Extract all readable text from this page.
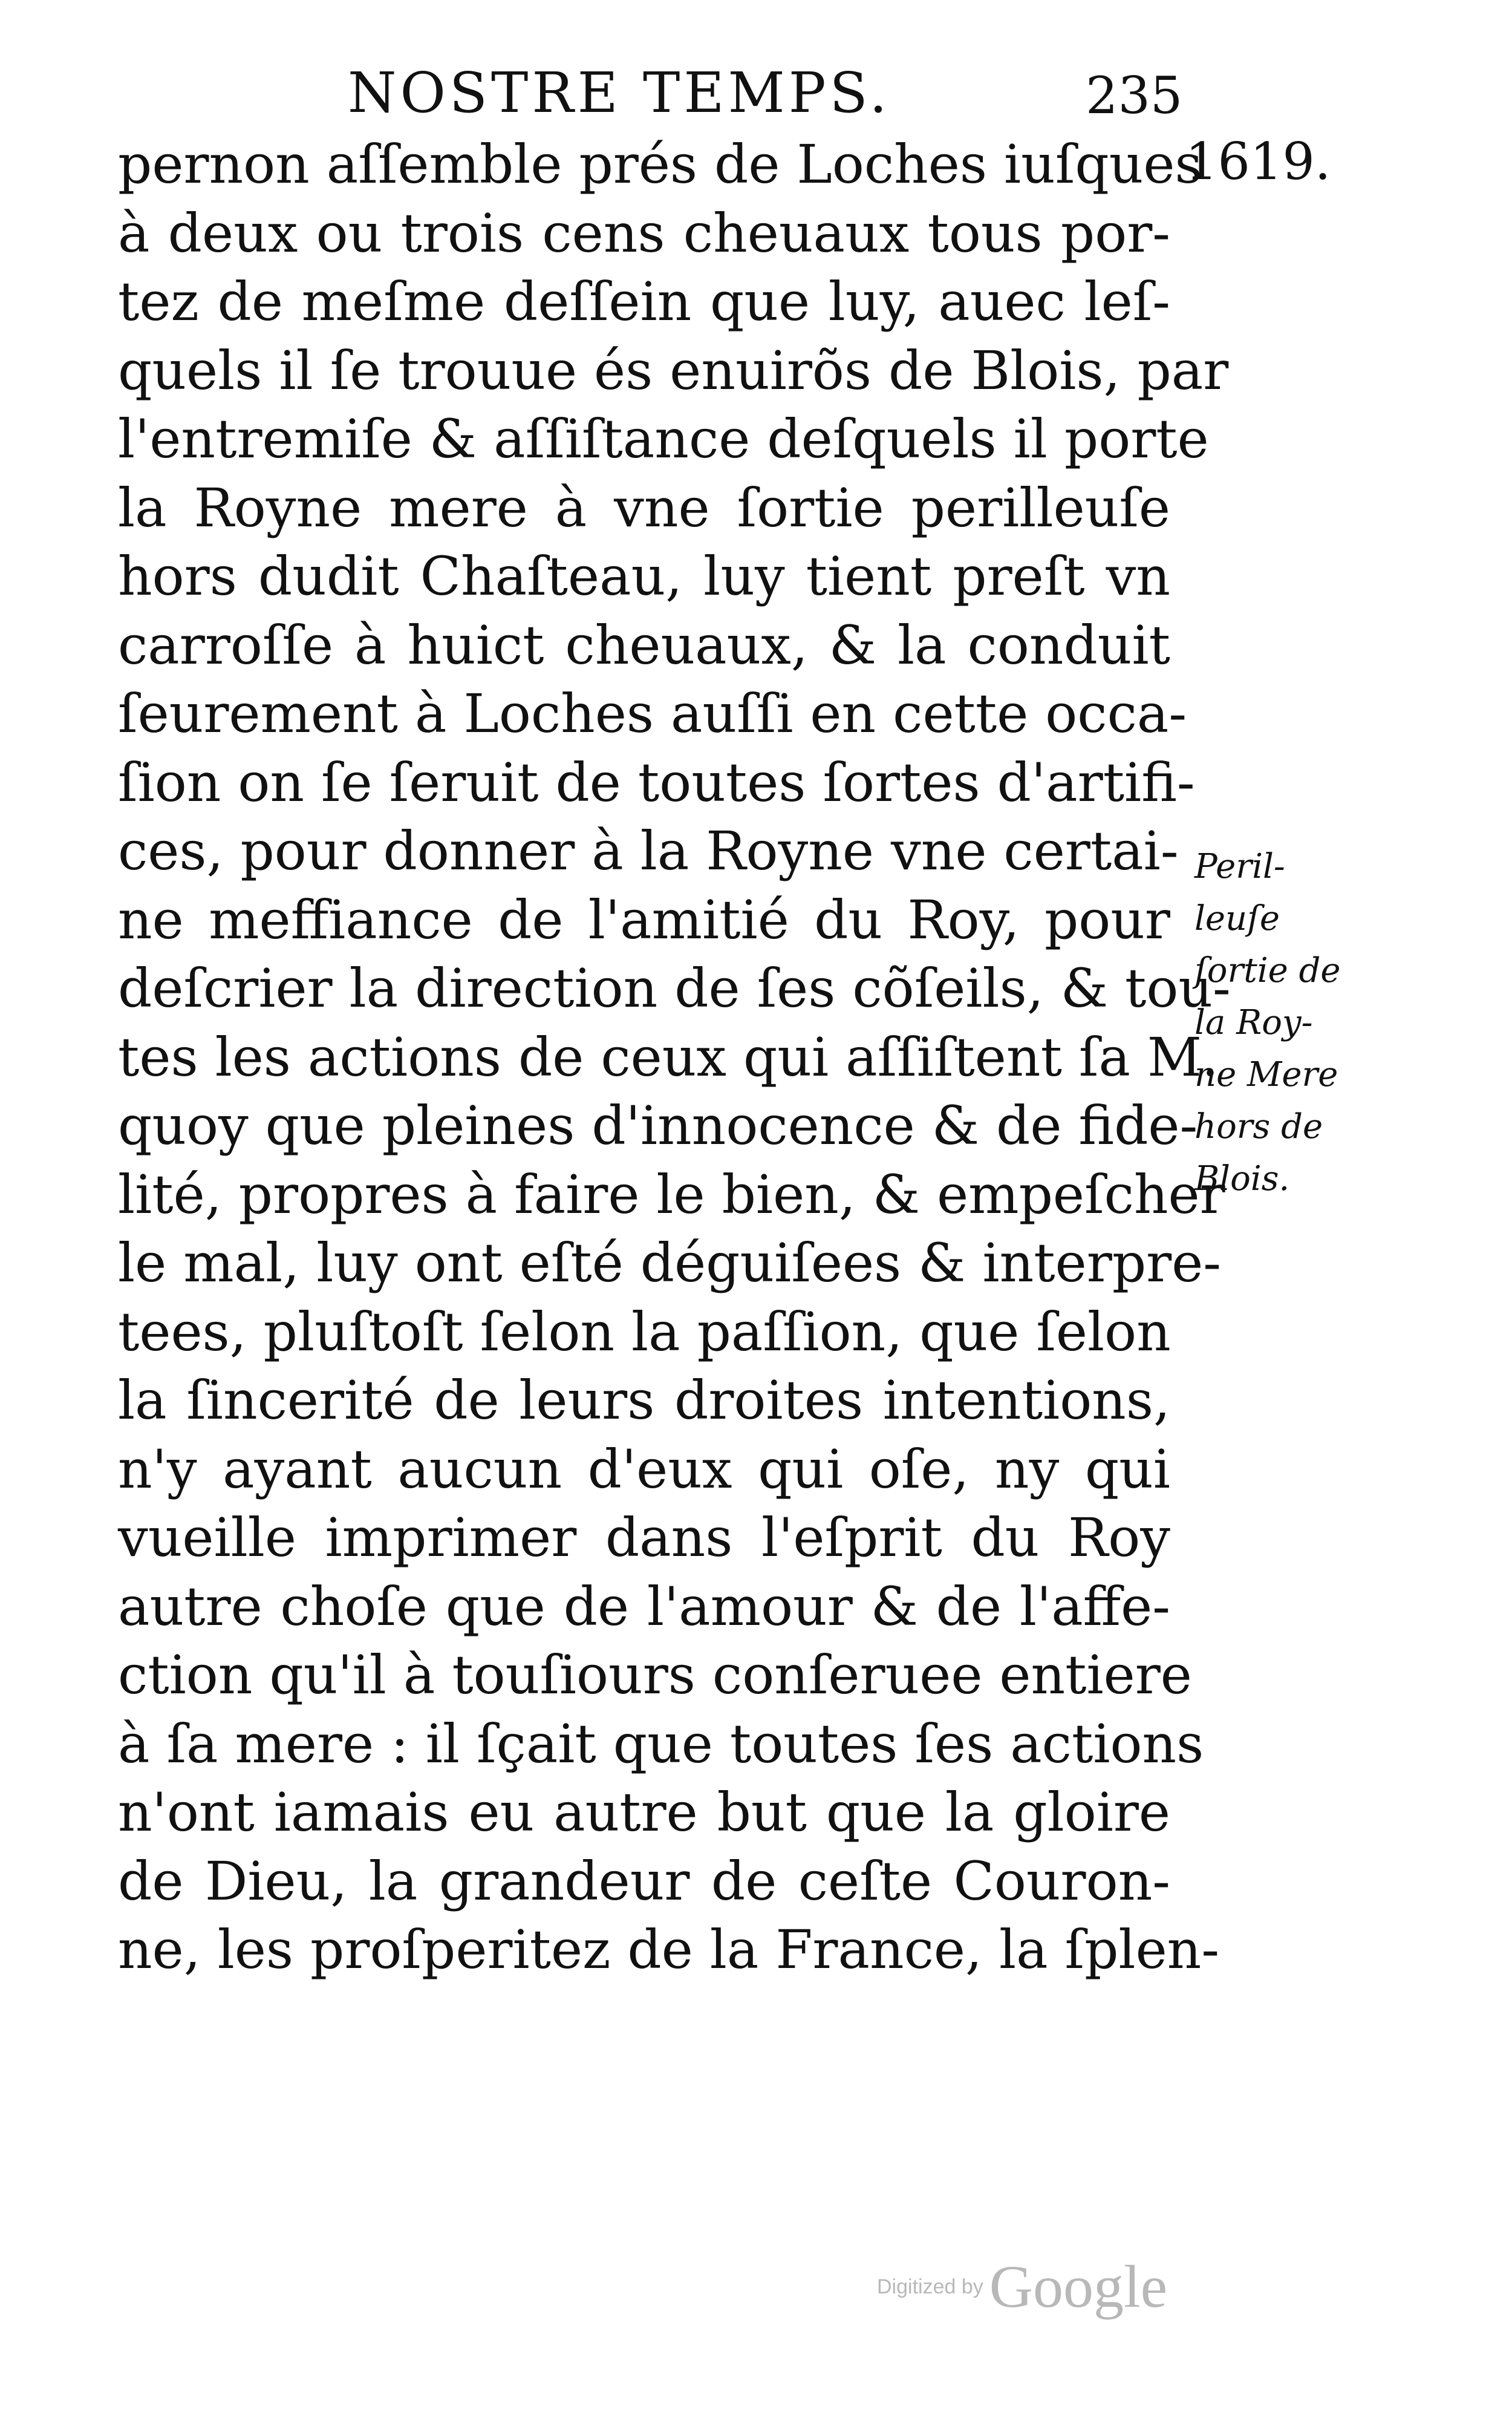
NOSTRE TEMPS.	235
1619.
pernon aſſemble prés de Loches iuſques
à deux ou trois cens cheuaux tous por-
tez de meſme deſſein que luy, auec leſ-
quels il ſe trouue és enuirõs de Blois, par
l'entremiſe & aſſiſtance deſquels il porte
la Royne mere à vne ſortie perilleuſe
hors dudit Chaſteau, luy tient preſt vn
carroſſe à huict cheuaux, & la conduit
ſeurement à Loches auſſi en cette occa-
ſion on ſe ſeruit de toutes ſortes d'artifi-
ces, pour donner à la Royne vne certai-
ne meffiance de l'amitié du Roy, pour
deſcrier la direction de ſes cõſeils, & tou-
tes les actions de ceux qui aſſiſtent ſa M.
quoy que pleines d'innocence & de fide-
lité, propres à faire le bien, & empeſcher
le mal, luy ont eſté déguiſees & interpre-
tees, pluſtoſt ſelon la paſſion, que ſelon
la ſincerité de leurs droites intentions,
n'y ayant aucun d'eux qui oſe, ny qui
vueille imprimer dans l'eſprit du Roy
autre choſe que de l'amour & de l'affe-
ction qu'il à touſiours conſeruee entiere
à ſa mere : il ſçait que toutes ſes actions
n'ont iamais eu autre but que la gloire
de Dieu, la grandeur de ceſte Couron-
ne, les proſperitez de la France, la ſplen-
Peril-
leuſe
ſortie de
la Roy-
ne Mere
hors de
Blois.
Digitized by Google
